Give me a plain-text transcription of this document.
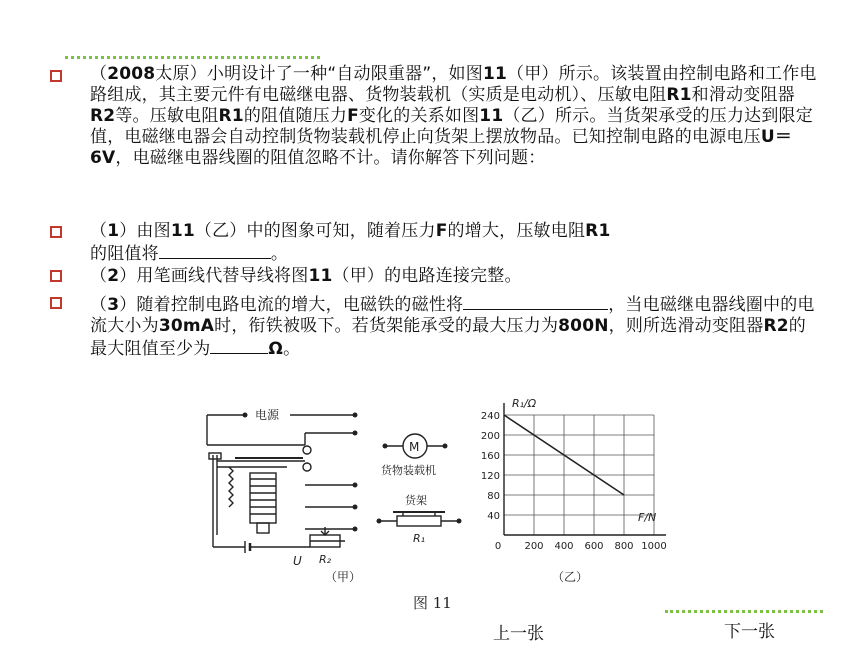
（2008太原）小明设计了一种“自动限重器”，如图11（甲）所示。该装置由控制电路和工作电路组成，其主要元件有电磁继电器、货物装载机（实质是电动机）、压敏电阻R1和滑动变阻器R2等。压敏电阻R1的阻值随压力F变化的关系如图11（乙）所示。当货架承受的压力达到限定值，电磁继电器会自动控制货物装载机停止向货架上摆放物品。已知控制电路的电源电压U＝6V，电磁继电器线圈的阻值忽略不计。请你解答下列问题：
（1）由图11（乙）中的图象可知，随着压力F的增大，压敏电阻R1
的阻值将	。
（2）用笔画线代替导线将图11（甲）的电路连接完整。
（3）随着控制电路电流的增大，电磁铁的磁性将	，当电磁继电器线圈中的电流大小为30mA时，衔铁被吸下。若货架能承受的最大压力为800N，则所选滑动变阻器R2的最大阻值至少为	Ω。
电源
U R₂
（甲）
M
货物装载机
货架
R₁
240
200
160
120
80
40
0 200 400 600 800 1000
R₁/Ω
F/N
（乙）
图 11
上一张	下一张
